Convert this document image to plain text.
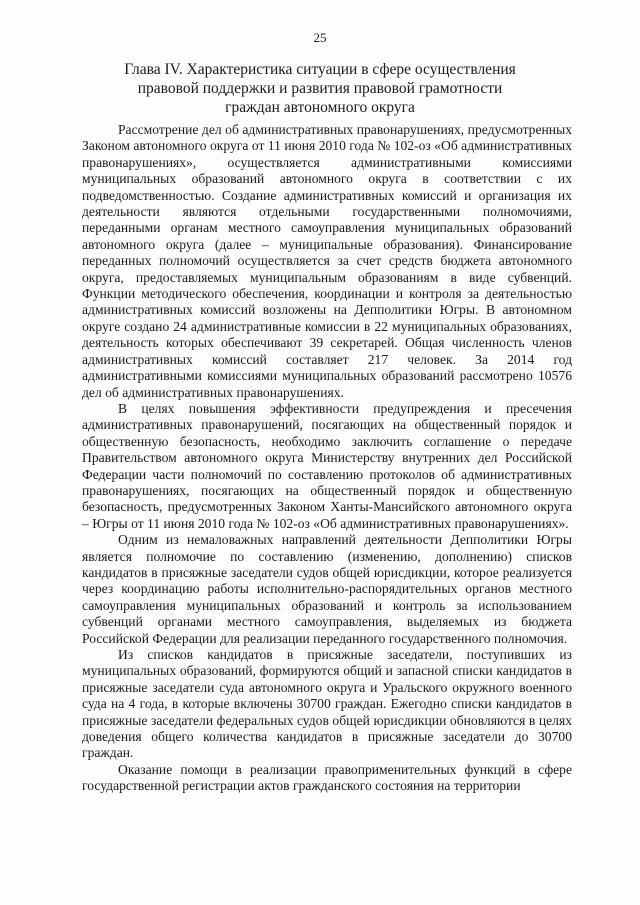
25
Глава IV. Характеристика ситуации в сфере осуществления
правовой поддержки и развития правовой грамотности
граждан автономного округа

Рассмотрение дел об административных правонарушениях, предусмотренных Законом автономного округа от 11 июня 2010 года № 102-оз «Об административных правонарушениях», осуществляется административными комиссиями муниципальных образований автономного округа в соответствии с их подведомственностью. Создание административных комиссий и организация их деятельности являются отдельными государственными полномочиями, переданными органам местного самоуправления муниципальных образований автономного округа (далее – муниципальные образования). Финансирование переданных полномочий осуществляется за счет средств бюджета автономного округа, предоставляемых муниципальным образованиям в виде субвенций. Функции методического обеспечения, координации и контроля за деятельностью административных комиссий возложены на Депполитики Югры. В автономном округе создано 24 административные комиссии в 22 муниципальных образованиях, деятельность которых обеспечивают 39 секретарей. Общая численность членов административных комиссий составляет 217 человек. За 2014 год административными комиссиями муниципальных образований рассмотрено 10576 дел об административных правонарушениях.

В целях повышения эффективности предупреждения и пресечения административных правонарушений, посягающих на общественный порядок и общественную безопасность, необходимо заключить соглашение о передаче Правительством автономного округа Министерству внутренних дел Российской Федерации части полномочий по составлению протоколов об административных правонарушениях, посягающих на общественный порядок и общественную безопасность, предусмотренных Законом Ханты-Мансийского автономного округа – Югры от 11 июня 2010 года № 102-оз «Об административных правонарушениях».

Одним из немаловажных направлений деятельности Депполитики Югры является полномочие по составлению (изменению, дополнению) списков кандидатов в присяжные заседатели судов общей юрисдикции, которое реализуется через координацию работы исполнительно-распорядительных органов местного самоуправления муниципальных образований и контроль за использованием субвенций органами местного самоуправления, выделяемых из бюджета Российской Федерации для реализации переданного государственного полномочия.

Из списков кандидатов в присяжные заседатели, поступивших из муниципальных образований, формируются общий и запасной списки кандидатов в присяжные заседатели суда автономного округа и Уральского окружного военного суда на 4 года, в которые включены 30700 граждан. Ежегодно списки кандидатов в присяжные заседатели федеральных судов общей юрисдикции обновляются в целях доведения общего количества кандидатов в присяжные заседатели до 30700 граждан.

Оказание помощи в реализации правоприменительных функций в сфере государственной регистрации актов гражданского состояния на территории
